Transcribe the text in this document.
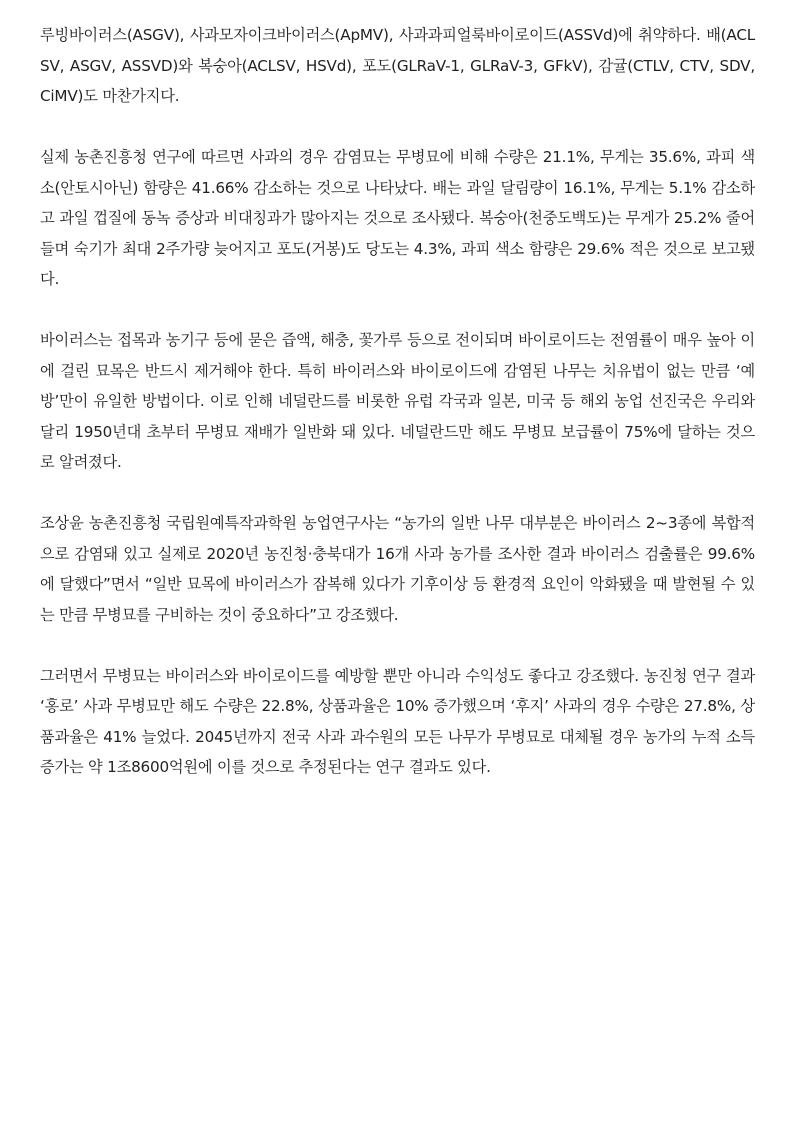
루빙바이러스(ASGV), 사과모자이크바이러스(ApMV), 사과과피얼룩바이로이드(ASSVd)에 취약하다. 배(ACLSV, ASGV, ASSVD)와 복숭아(ACLSV, HSVd), 포도(GLRaV-1, GLRaV-3, GFkV), 감귤(CTLV, CTV, SDV, CiMV)도 마찬가지다.

실제 농촌진흥청 연구에 따르면 사과의 경우 감염묘는 무병묘에 비해 수량은 21.1%, 무게는 35.6%, 과피 색소(안토시아닌) 함량은 41.66% 감소하는 것으로 나타났다. 배는 과일 달림량이 16.1%, 무게는 5.1% 감소하고 과일 껍질에 동녹 증상과 비대칭과가 많아지는 것으로 조사됐다. 복숭아(천중도백도)는 무게가 25.2% 줄어들며 숙기가 최대 2주가량 늦어지고 포도(거봉)도 당도는 4.3%, 과피 색소 함량은 29.6% 적은 것으로 보고됐다.

바이러스는 접목과 농기구 등에 묻은 즙액, 해충, 꽃가루 등으로 전이되며 바이로이드는 전염률이 매우 높아 이에 걸린 묘목은 반드시 제거해야 한다. 특히 바이러스와 바이로이드에 감염된 나무는 치유법이 없는 만큼 ‘예방’만이 유일한 방법이다. 이로 인해 네덜란드를 비롯한 유럽 각국과 일본, 미국 등 해외 농업 선진국은 우리와 달리 1950년대 초부터 무병묘 재배가 일반화 돼 있다. 네덜란드만 해도 무병묘 보급률이 75%에 달하는 것으로 알려졌다.

조상윤 농촌진흥청 국립원예특작과학원 농업연구사는 “농가의 일반 나무 대부분은 바이러스 2~3종에 복합적으로 감염돼 있고 실제로 2020년 농진청·충북대가 16개 사과 농가를 조사한 결과 바이러스 검출률은 99.6%에 달했다”면서 “일반 묘목에 바이러스가 잠복해 있다가 기후이상 등 환경적 요인이 악화됐을 때 발현될 수 있는 만큼 무병묘를 구비하는 것이 중요하다”고 강조했다.

그러면서 무병묘는 바이러스와 바이로이드를 예방할 뿐만 아니라 수익성도 좋다고 강조했다. 농진청 연구 결과 ‘홍로’ 사과 무병묘만 해도 수량은 22.8%, 상품과율은 10% 증가했으며 ‘후지’ 사과의 경우 수량은 27.8%, 상품과율은 41% 늘었다. 2045년까지 전국 사과 과수원의 모든 나무가 무병묘로 대체될 경우 농가의 누적 소득 증가는 약 1조8600억원에 이를 것으로 추정된다는 연구 결과도 있다.
